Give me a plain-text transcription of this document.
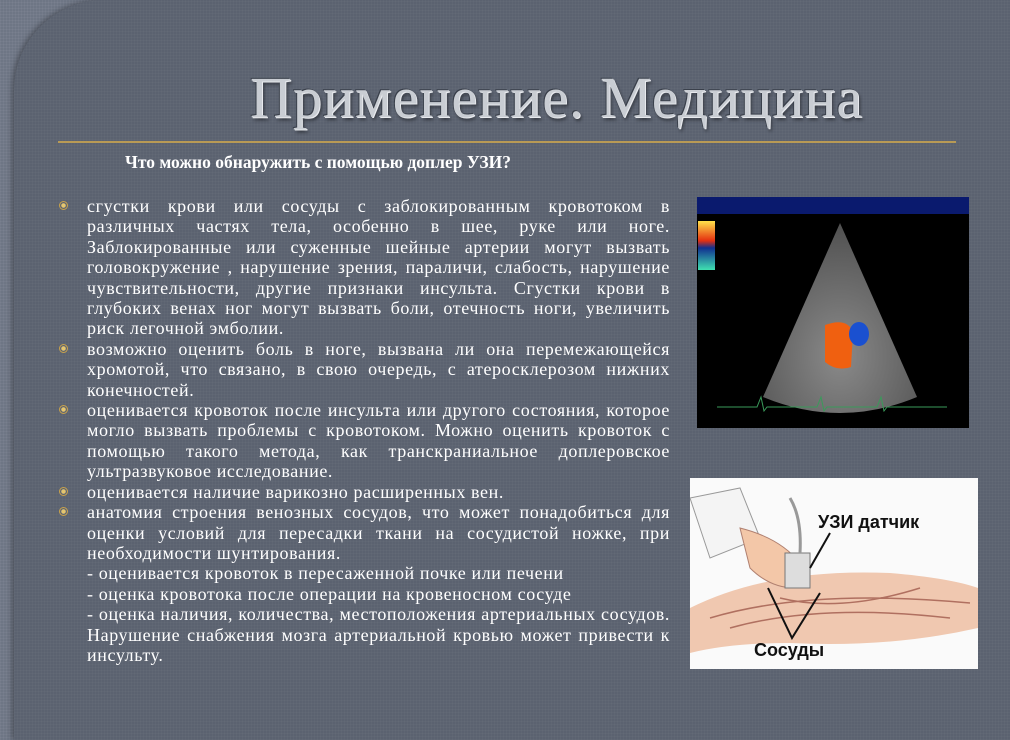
Применение. Медицина
Что можно обнаружить с помощью доплер УЗИ?

сгустки крови или сосуды с заблокированным кровотоком в различных частях тела, особенно в шее, руке или ноге. Заблокированные или суженные шейные артерии могут вызвать головокружение , нарушение зрения, параличи, слабость, нарушение чувствительности, другие признаки инсульта. Сгустки крови в глубоких венах ног могут вызвать боли, отечность ноги, увеличить риск легочной эмболии.

возможно оценить боль в ноге, вызвана ли она перемежающейся хромотой, что связано, в свою очередь, с атеросклерозом нижних конечностей.

оценивается кровоток после инсульта или другого состояния, которое могло вызвать проблемы с кровотоком. Можно оценить кровоток с помощью такого метода, как транскраниальное доплеровское ультразвуковое исследование.

оценивается наличие варикозно расширенных вен.

анатомия строения венозных сосудов, что может понадобиться для оценки условий для пересадки ткани на сосудистой ножке, при необходимости шунтирования.

- оценивается кровоток в пересаженной почке или печени

- оценка кровотока после операции на кровеносном сосуде

- оценка наличия, количества, местоположения артериальных сосудов. Нарушение снабжения мозга артериальной кровью может привести к инсульту.

УЗИ датчик
Сосуды
